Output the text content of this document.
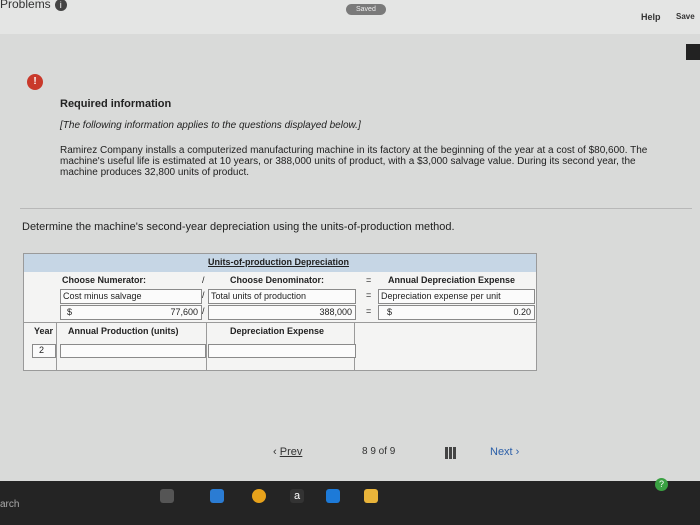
Problems i	Saved
Help Save
!
Required information
[The following information applies to the questions displayed below.]
Ramirez Company installs a computerized manufacturing machine in its factory at the beginning of the year at a cost of $80,600. The machine's useful life is estimated at 10 years, or 388,000 units of product, with a $3,000 salvage value. During its second year, the machine produces 32,800 units of product.
Determine the machine's second-year depreciation using the units-of-production method.
Units-of-production Depreciation
Choose Numerator:	/	Choose Denominator:	= Annual Depreciation Expense
Cost minus salvage	/ Total units of production	= Depreciation expense per unit
$	77,600 /	388,000 = $	0.20
Year Annual Production (units)	Depreciation Expense
2
‹ Prev	8 9 of 9	Next ›
arch
a
?
